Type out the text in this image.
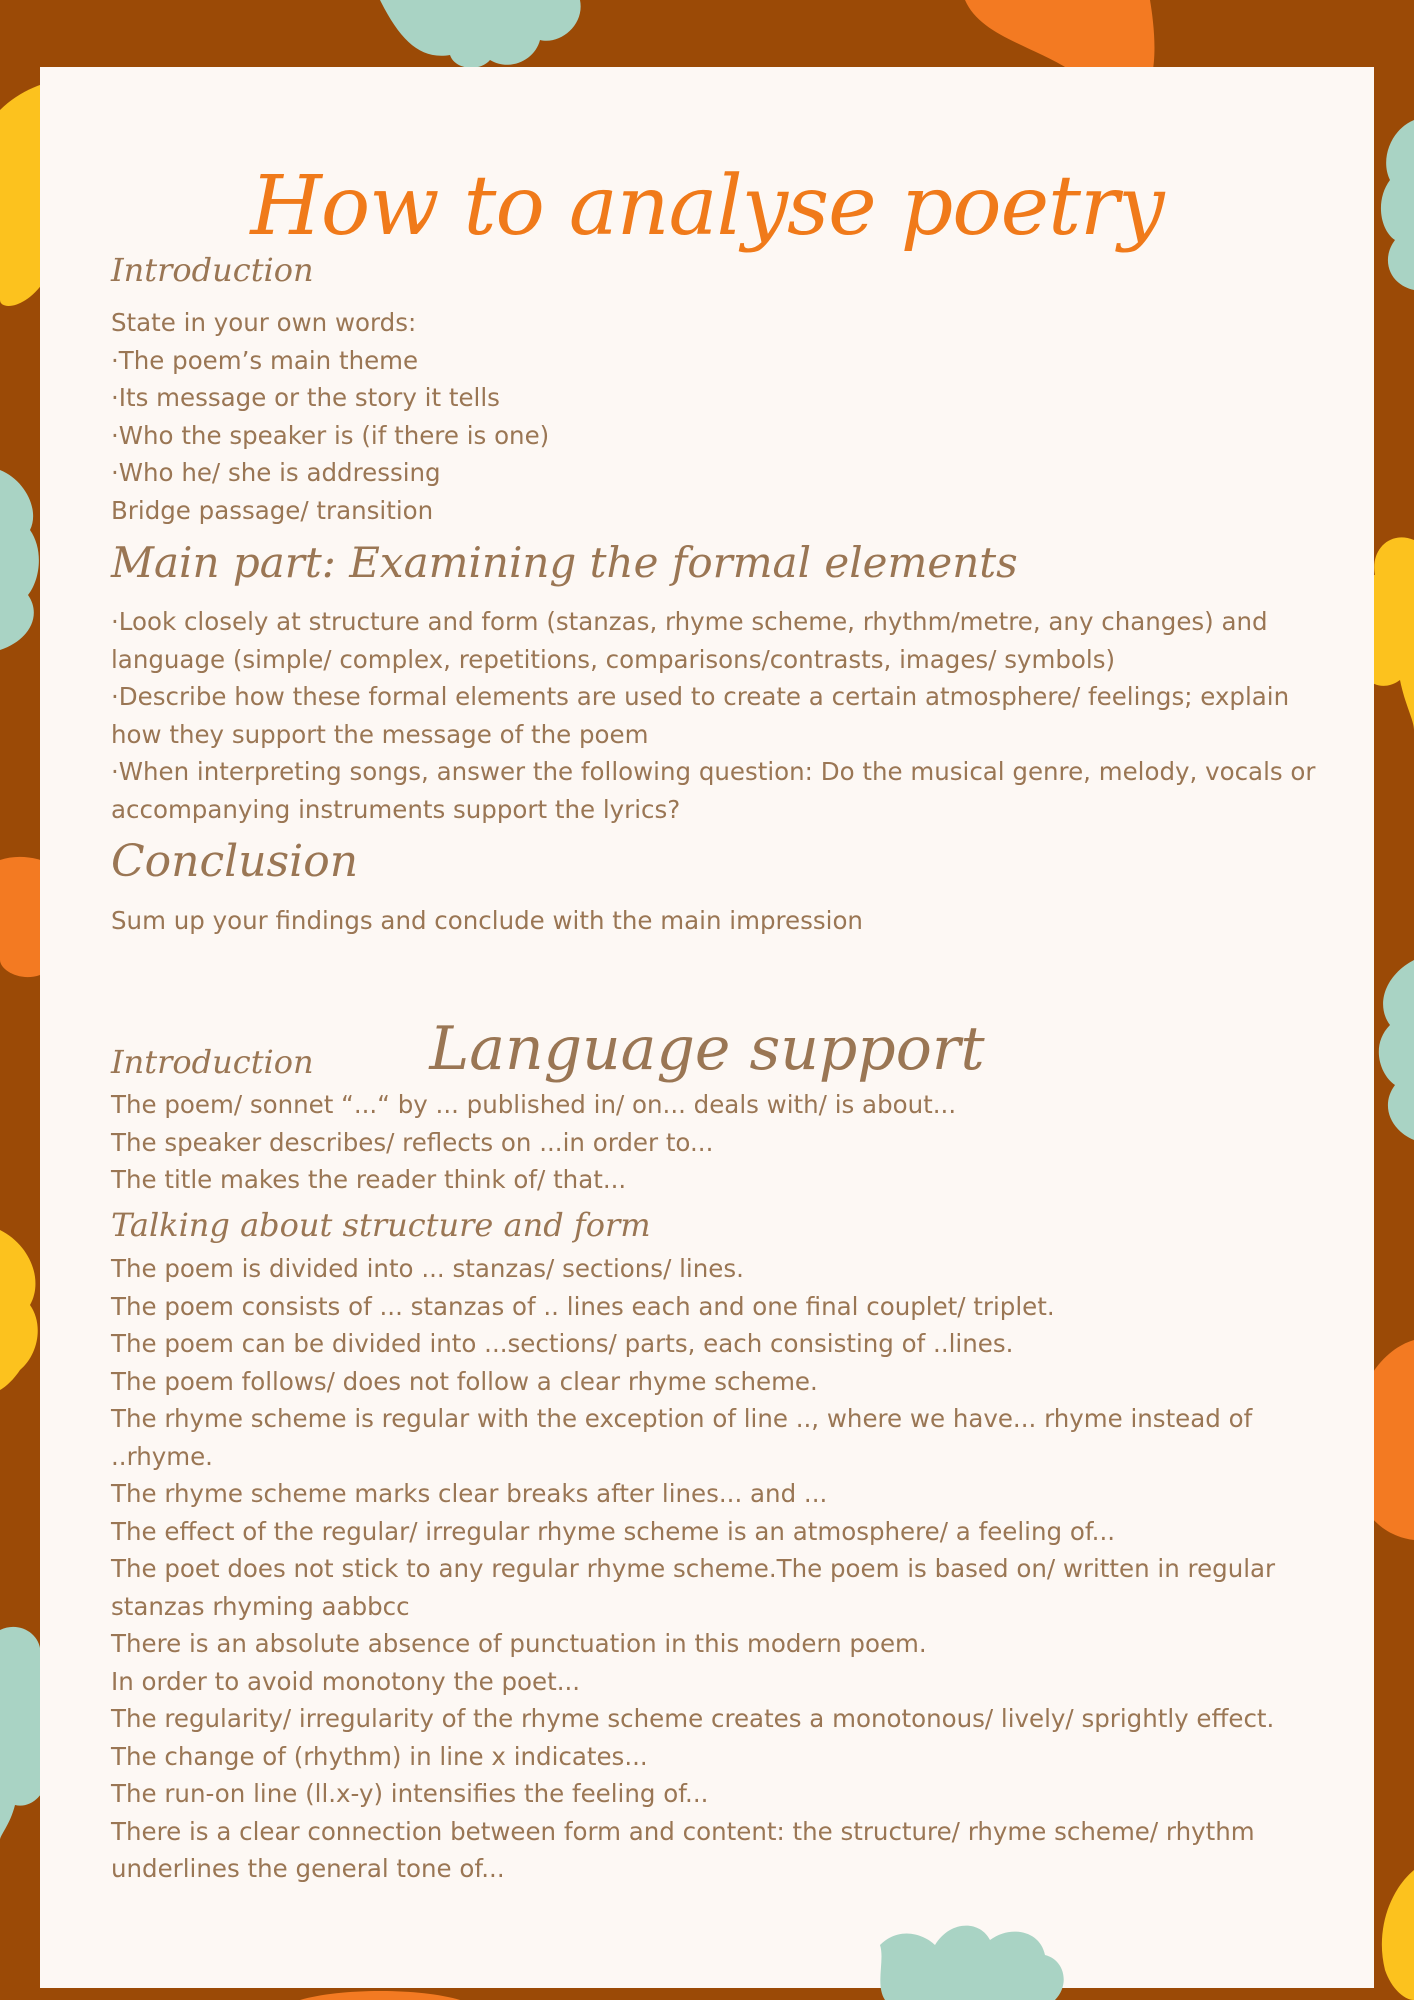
How to analyse poetry
Introduction
State in your own words:
·The poem’s main theme
·Its message or the story it tells
·Who the speaker is (if there is one)
·Who he/ she is addressing
Bridge passage/ transition
Main part: Examining the formal elements
·Look closely at structure and form (stanzas, rhyme scheme, rhythm/metre, any changes) and
language (simple/ complex, repetitions, comparisons/contrasts, images/ symbols)
·Describe how these formal elements are used to create a certain atmosphere/ feelings; explain
how they support the message of the poem
·When interpreting songs, answer the following question: Do the musical genre, melody, vocals or
accompanying instruments support the lyrics?
Conclusion
Sum up your findings and conclude with the main impression
Language support
Introduction
The poem/ sonnet “...“ by ... published in/ on... deals with/ is about...
The speaker describes/ reflects on ...in order to...
The title makes the reader think of/ that...
Talking about structure and form
The poem is divided into ... stanzas/ sections/ lines.
The poem consists of ... stanzas of .. lines each and one final couplet/ triplet.
The poem can be divided into ...sections/ parts, each consisting of ..lines.
The poem follows/ does not follow a clear rhyme scheme.
The rhyme scheme is regular with the exception of line .., where we have... rhyme instead of
..rhyme.
The rhyme scheme marks clear breaks after lines... and ...
The effect of the regular/ irregular rhyme scheme is an atmosphere/ a feeling of...
The poet does not stick to any regular rhyme scheme.The poem is based on/ written in regular
stanzas rhyming aabbcc
There is an absolute absence of punctuation in this modern poem.
In order to avoid monotony the poet...
The regularity/ irregularity of the rhyme scheme creates a monotonous/ lively/ sprightly effect.
The change of (rhythm) in line x indicates...
The run-on line (ll.x-y) intensifies the feeling of...
There is a clear connection between form and content: the structure/ rhyme scheme/ rhythm
underlines the general tone of...
